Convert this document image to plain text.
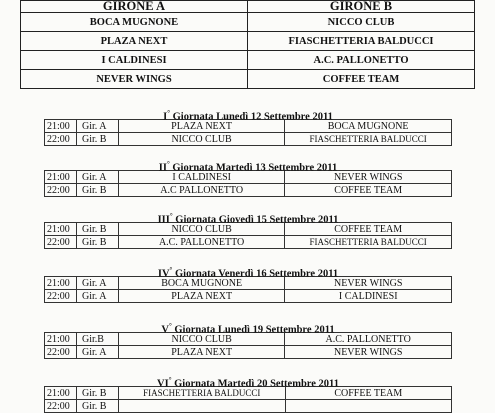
GIRONE A	GIRONE B
BOCA MUGNONE	NICCO CLUB
PLAZA NEXT	FIASCHETTERIA BALDUCCI
I CALDINESI	A.C. PALLONETTO
NEVER WINGS	COFFEE TEAM
I° Giornata Lunedì 12 Settembre 2011
21:00	Gir. A	PLAZA NEXT	BOCA MUGNONE
22:00	Gir. B	NICCO CLUB	FIASCHETTERIA BALDUCCI
II° Giornata Martedì 13 Settembre 2011
21:00	Gir. A	I CALDINESI	NEVER WINGS
22:00	Gir. B	A.C PALLONETTO	COFFEE TEAM
III° Giornata Giovedì 15 Settembre 2011
21:00	Gir. B	NICCO CLUB	COFFEE TEAM
22:00	Gir. B	A.C. PALLONETTO	FIASCHETTERIA BALDUCCI
IV° Giornata Venerdì 16 Settembre 2011
21:00	Gir. A	BOCA MUGNONE	NEVER WINGS
22:00	Gir. A	PLAZA NEXT	I CALDINESI
V° Giornata Lunedì 19 Settembre 2011
21:00	Gir.B	NICCO CLUB	A.C. PALLONETTO
22:00	Gir. A	PLAZA NEXT	NEVER WINGS
VI° Giornata Martedì 20 Settembre 2011
21:00	Gir. B	FIASCHETTERIA BALDUCCI	COFFEE TEAM
22:00	Gir. B		
